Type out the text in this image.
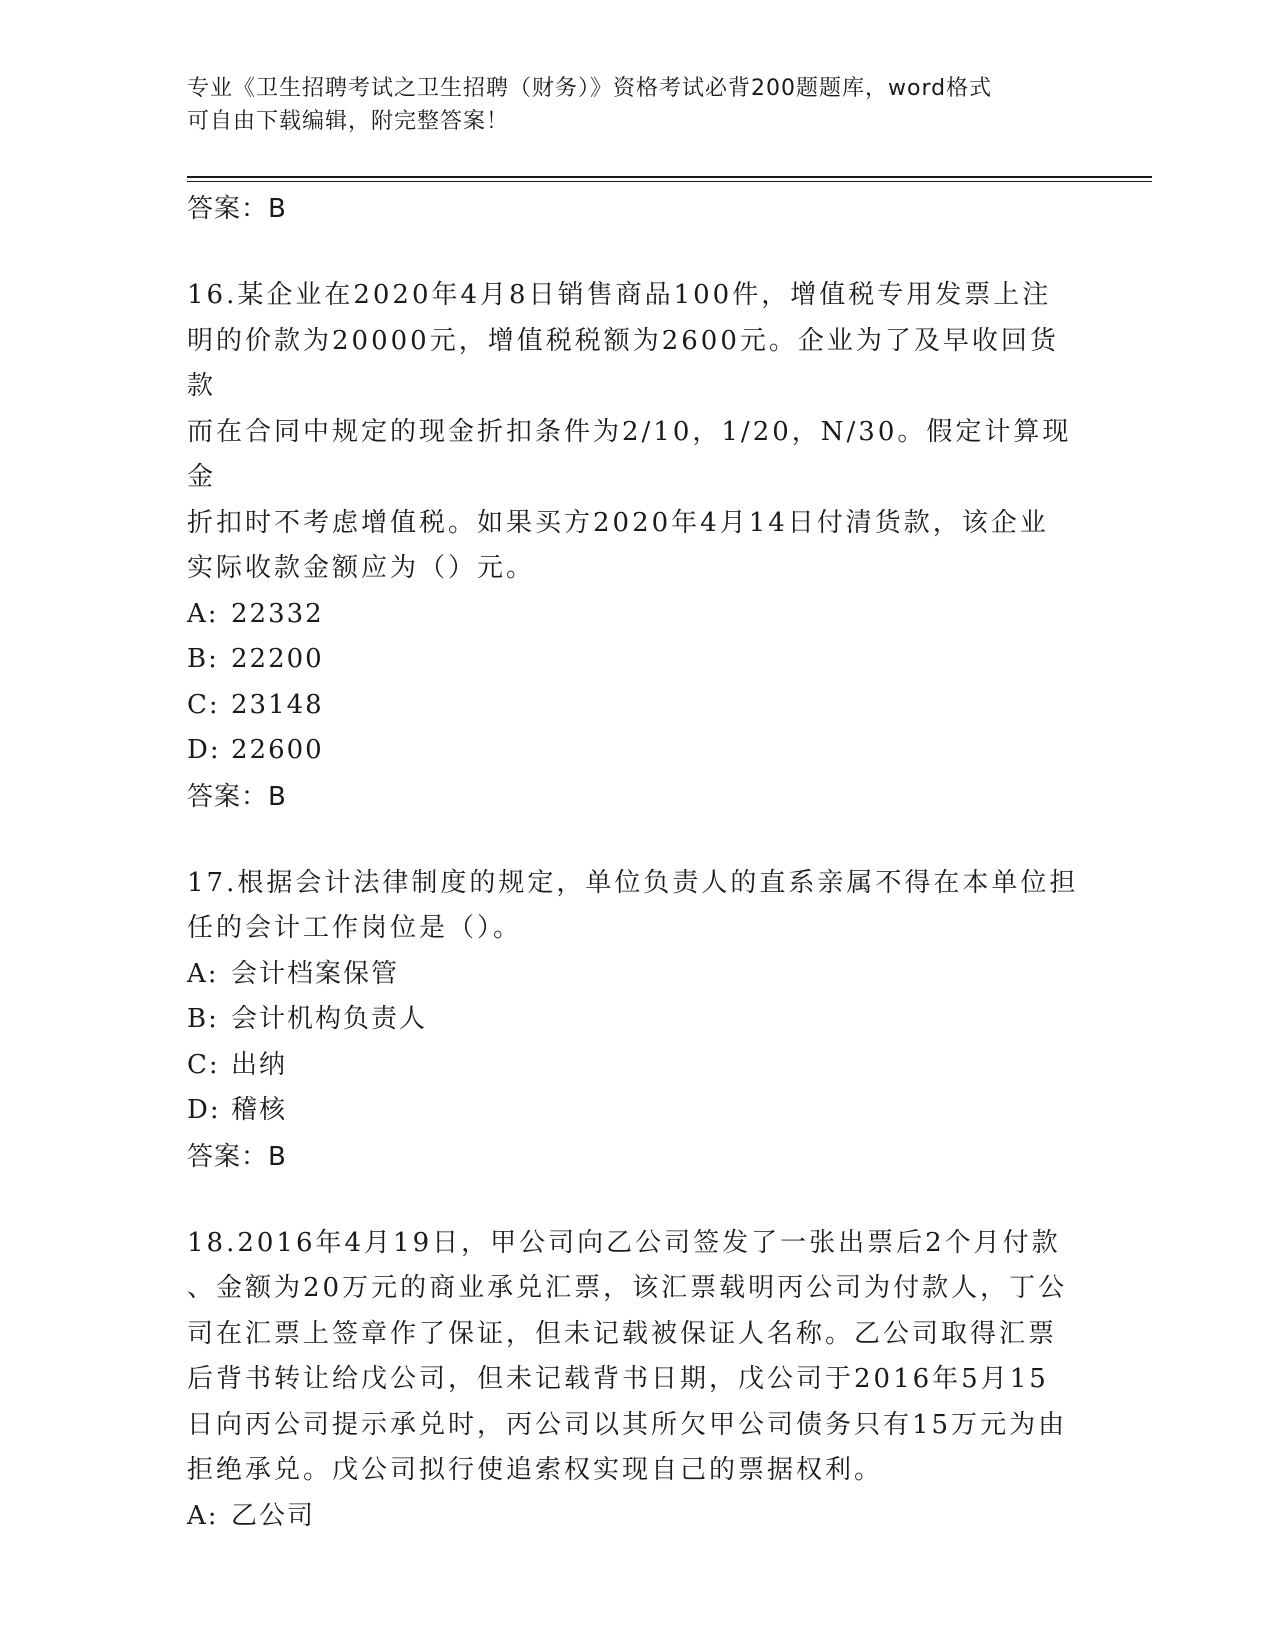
专业《卫生招聘考试之卫生招聘（财务）》资格考试必背200题题库，word格式
可自由下载编辑，附完整答案！
答案：B

16.某企业在2020年4月8日销售商品100件，增值税专用发票上注
明的价款为20000元，增值税税额为2600元。企业为了及早收回货款
而在合同中规定的现金折扣条件为2/10，1/20，N/30。假定计算现金
折扣时不考虑增值税。如果买方2020年4月14日付清货款，该企业
实际收款金额应为（）元。

A: 22332
B: 22200
C: 23148
D: 22600
答案：B

17.根据会计法律制度的规定，单位负责人的直系亲属不得在本单位担
任的会计工作岗位是（）。

A: 会计档案保管
B: 会计机构负责人
C: 出纳
D: 稽核
答案：B

18.2016年4月19日，甲公司向乙公司签发了一张出票后2个月付款
、金额为20万元的商业承兑汇票，该汇票载明丙公司为付款人，丁公
司在汇票上签章作了保证，但未记载被保证人名称。乙公司取得汇票
后背书转让给戊公司，但未记载背书日期，戊公司于2016年5月15
日向丙公司提示承兑时，丙公司以其所欠甲公司债务只有15万元为由
拒绝承兑。戊公司拟行使追索权实现自己的票据权利。

A: 乙公司
